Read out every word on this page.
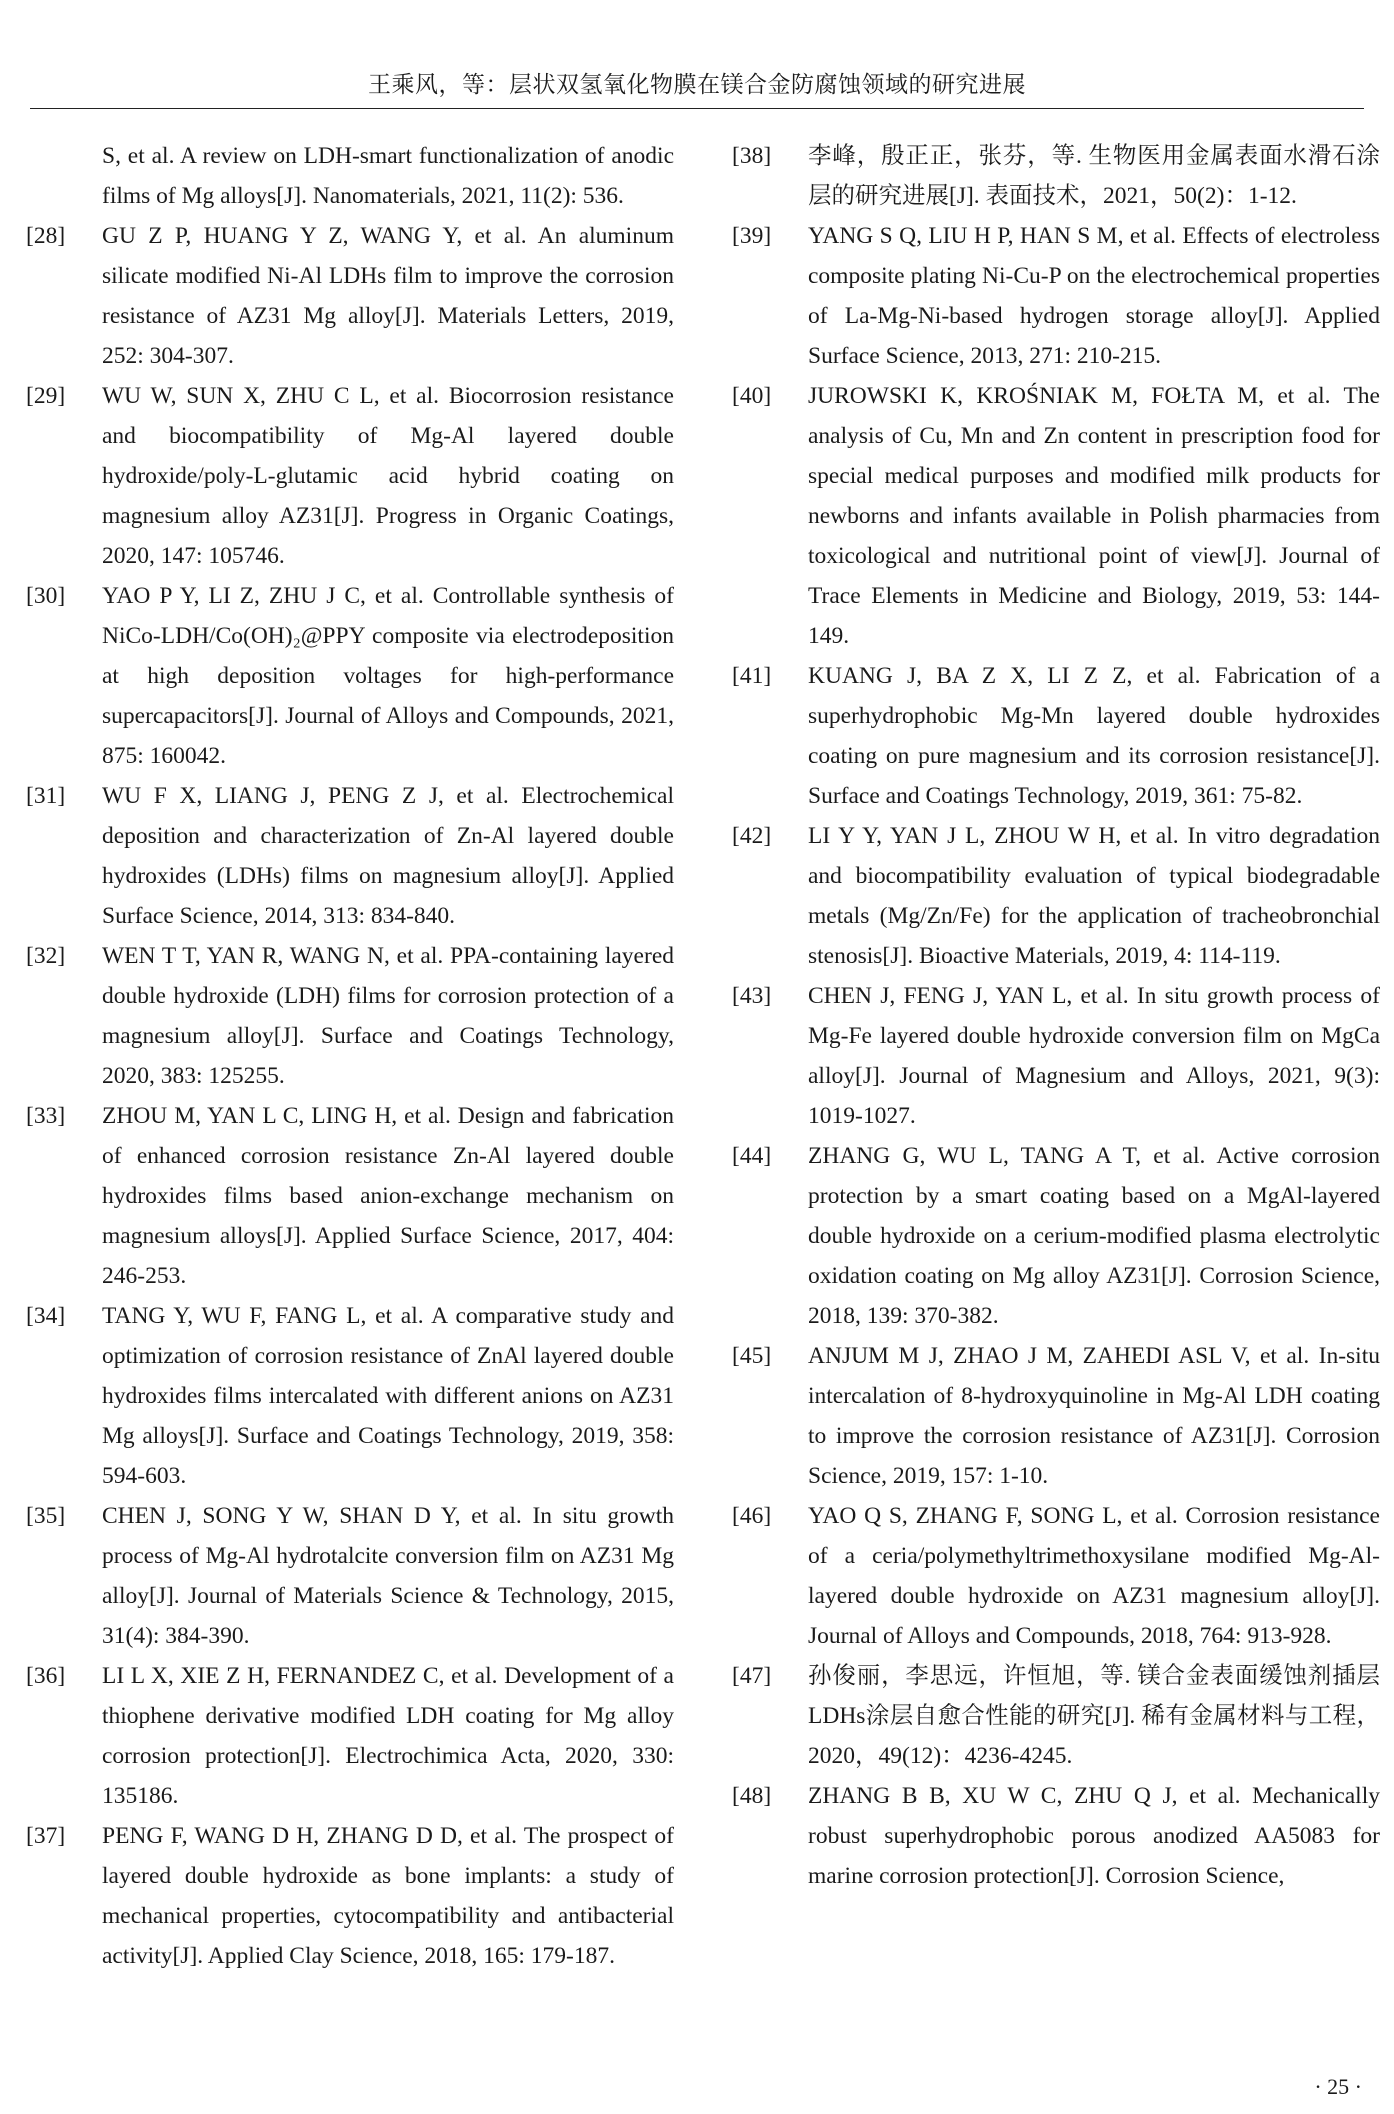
王乘风，等：层状双氢氧化物膜在镁合金防腐蚀领域的研究进展
S, et al. A review on LDH-smart functionalization of anodic films of Mg alloys[J]. Nanomaterials, 2021, 11(2): 536.
[28]	GU Z P, HUANG Y Z, WANG Y, et al. An aluminum silicate modified Ni-Al LDHs film to improve the corrosion resistance of AZ31 Mg alloy[J]. Materials Letters, 2019, 252: 304-307.
[29]	WU W, SUN X, ZHU C L, et al. Biocorrosion resistance and biocompatibility of Mg-Al layered double hydroxide/poly-L-glutamic acid hybrid coating on magnesium alloy AZ31[J]. Progress in Organic Coatings, 2020, 147: 105746.
[30]	YAO P Y, LI Z, ZHU J C, et al. Controllable synthesis of NiCo-LDH/Co(OH)₂@PPY composite via electrodeposition at high deposition voltages for high-performance supercapacitors[J]. Journal of Alloys and Compounds, 2021, 875: 160042.
[31]	WU F X, LIANG J, PENG Z J, et al. Electrochemical deposition and characterization of Zn-Al layered double hydroxides (LDHs) films on magnesium alloy[J]. Applied Surface Science, 2014, 313: 834-840.
[32]	WEN T T, YAN R, WANG N, et al. PPA-containing layered double hydroxide (LDH) films for corrosion protection of a magnesium alloy[J]. Surface and Coatings Technology, 2020, 383: 125255.
[33]	ZHOU M, YAN L C, LING H, et al. Design and fabrication of enhanced corrosion resistance Zn-Al layered double hydroxides films based anion-exchange mechanism on magnesium alloys[J]. Applied Surface Science, 2017, 404: 246-253.
[34]	TANG Y, WU F, FANG L, et al. A comparative study and optimization of corrosion resistance of ZnAl layered double hydroxides films intercalated with different anions on AZ31 Mg alloys[J]. Surface and Coatings Technology, 2019, 358: 594-603.
[35]	CHEN J, SONG Y W, SHAN D Y, et al. In situ growth process of Mg-Al hydrotalcite conversion film on AZ31 Mg alloy[J]. Journal of Materials Science & Technology, 2015, 31(4): 384-390.
[36]	LI L X, XIE Z H, FERNANDEZ C, et al. Development of a thiophene derivative modified LDH coating for Mg alloy corrosion protection[J]. Electrochimica Acta, 2020, 330: 135186.
[37]	PENG F, WANG D H, ZHANG D D, et al. The prospect of layered double hydroxide as bone implants: a study of mechanical properties, cytocompatibility and antibacterial activity[J]. Applied Clay Science, 2018, 165: 179-187.
[38]	李峰，殷正正，张芬，等. 生物医用金属表面水滑石涂层的研究进展[J]. 表面技术，2021，50(2)：1-12.
[39]	YANG S Q, LIU H P, HAN S M, et al. Effects of electroless composite plating Ni-Cu-P on the electrochemical properties of La-Mg-Ni-based hydrogen storage alloy[J]. Applied Surface Science, 2013, 271: 210-215.
[40]	JUROWSKI K, KROŚNIAK M, FOŁTA M, et al. The analysis of Cu, Mn and Zn content in prescription food for special medical purposes and modified milk products for newborns and infants available in Polish pharmacies from toxicological and nutritional point of view[J]. Journal of Trace Elements in Medicine and Biology, 2019, 53: 144-149.
[41]	KUANG J, BA Z X, LI Z Z, et al. Fabrication of a superhydrophobic Mg-Mn layered double hydroxides coating on pure magnesium and its corrosion resistance[J]. Surface and Coatings Technology, 2019, 361: 75-82.
[42]	LI Y Y, YAN J L, ZHOU W H, et al. In vitro degradation and biocompatibility evaluation of typical biodegradable metals (Mg/Zn/Fe) for the application of tracheobronchial stenosis[J]. Bioactive Materials, 2019, 4: 114-119.
[43]	CHEN J, FENG J, YAN L, et al. In situ growth process of Mg-Fe layered double hydroxide conversion film on MgCa alloy[J]. Journal of Magnesium and Alloys, 2021, 9(3): 1019-1027.
[44]	ZHANG G, WU L, TANG A T, et al. Active corrosion protection by a smart coating based on a MgAl-layered double hydroxide on a cerium-modified plasma electrolytic oxidation coating on Mg alloy AZ31[J]. Corrosion Science, 2018, 139: 370-382.
[45]	ANJUM M J, ZHAO J M, ZAHEDI ASL V, et al. In-situ intercalation of 8-hydroxyquinoline in Mg-Al LDH coating to improve the corrosion resistance of AZ31[J]. Corrosion Science, 2019, 157: 1-10.
[46]	YAO Q S, ZHANG F, SONG L, et al. Corrosion resistance of a ceria/polymethyltrimethoxysilane modified Mg-Al-layered double hydroxide on AZ31 magnesium alloy[J]. Journal of Alloys and Compounds, 2018, 764: 913-928.
[47]	孙俊丽，李思远，许恒旭，等. 镁合金表面缓蚀剂插层LDHs涂层自愈合性能的研究[J]. 稀有金属材料与工程，2020，49(12)：4236-4245.
[48]	ZHANG B B, XU W C, ZHU Q J, et al. Mechanically robust superhydrophobic porous anodized AA5083 for marine corrosion protection[J]. Corrosion Science,
· 25 ·
